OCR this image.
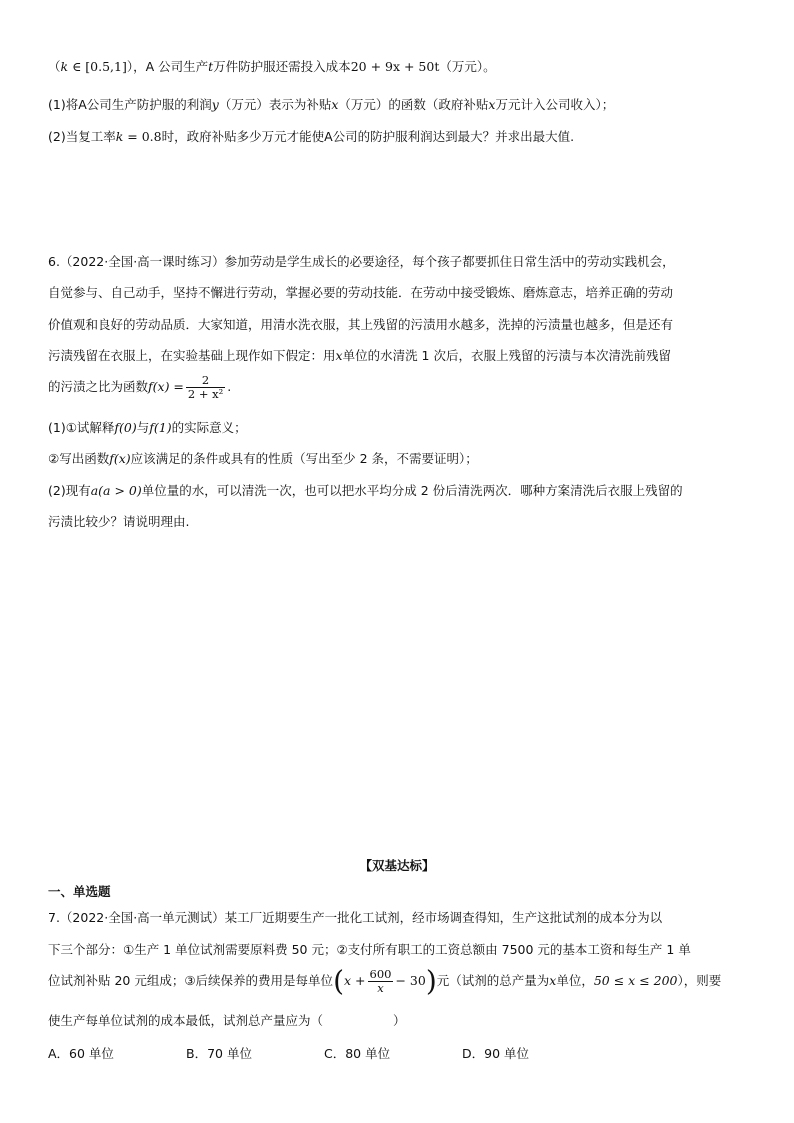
（k ∈ [0.5,1]），A 公司生产t万件防护服还需投入成本20 + 9x + 50t（万元）。
(1)将A公司生产防护服的利润y（万元）表示为补贴x（万元）的函数（政府补贴x万元计入公司收入）；
(2)当复工率k = 0.8时，政府补贴多少万元才能使A公司的防护服利润达到最大？并求出最大值.
6.（2022·全国·高一课时练习）参加劳动是学生成长的必要途径，每个孩子都要抓住日常生活中的劳动实践机会，
自觉参与、自己动手，坚持不懈进行劳动，掌握必要的劳动技能．在劳动中接受锻炼、磨炼意志，培养正确的劳动
价值观和良好的劳动品质．大家知道，用清水洗衣服，其上残留的污渍用水越多，洗掉的污渍量也越多，但是还有
污渍残留在衣服上，在实验基础上现作如下假定：用x单位的水清洗 1 次后，衣服上残留的污渍与本次清洗前残留
的污渍之比为函数$f(x) = \frac{2}{\text{2 + x²}}$ .
(1)①试解释f(0)与f(1)的实际意义；
②写出函数f(x)应该满足的条件或具有的性质（写出至少 2 条，不需要证明）；
(2)现有a(a > 0)单位量的水，可以清洗一次，也可以把水平均分成 2 份后清洗两次．哪种方案清洗后衣服上残留的
污渍比较少？请说明理由.
【双基达标】
一、单选题
7.（2022·全国·高一单元测试）某工厂近期要生产一批化工试剂，经市场调查得知，生产这批试剂的成本分为以
下三个部分：①生产 1 单位试剂需要原料费 50 元；②支付所有职工的工资总额由 7500 元的基本工资和每生产 1 单
位试剂补贴 20 元组成；③后续保养的费用是每单位$(x + \frac{600}{x} - 30)$元（试剂的总产量为x单位，50 ≤ x ≤ 200），则要
使生产每单位试剂的成本最低，试剂总产量应为（	）
A．60 单位	B．70 单位	C．80 单位	D．90 单位
